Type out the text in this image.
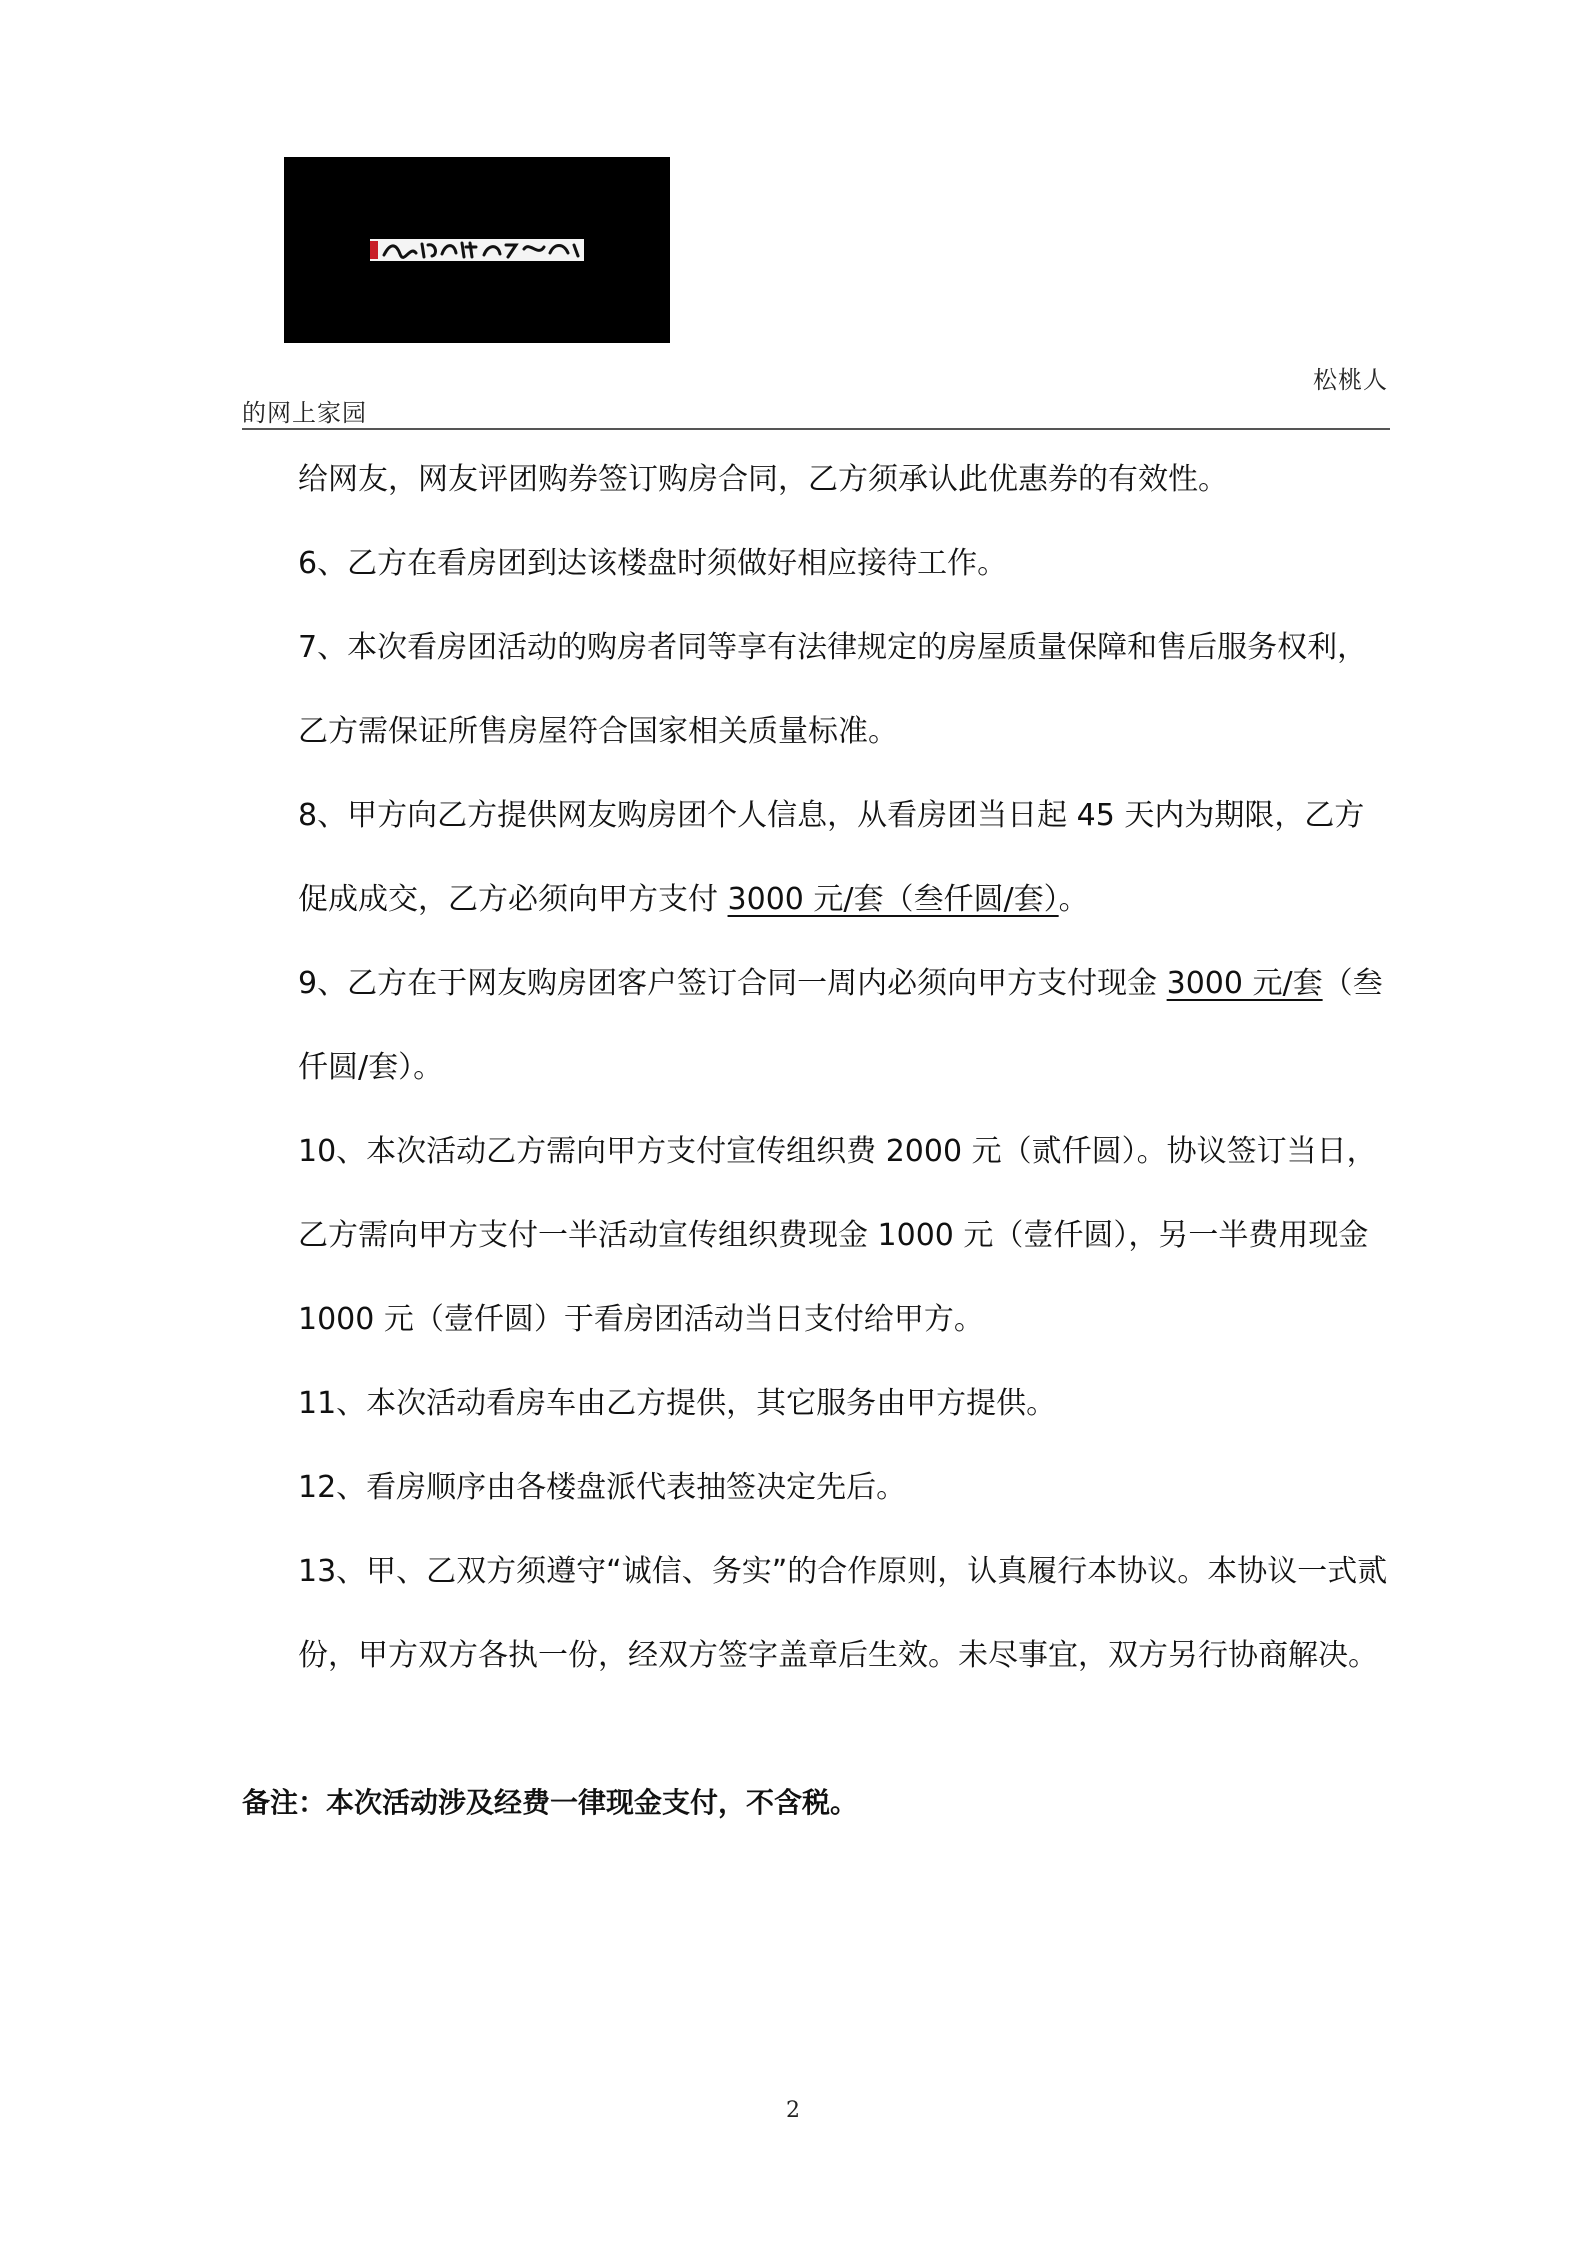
松桃人
的网上家园

给网友，网友评团购券签订购房合同，乙方须承认此优惠券的有效性。

6、乙方在看房团到达该楼盘时须做好相应接待工作。

7、本次看房团活动的购房者同等享有法律规定的房屋质量保障和售后服务权利，乙方需保证所售房屋符合国家相关质量标准。

8、甲方向乙方提供网友购房团个人信息，从看房团当日起 45 天内为期限，乙方促成成交，乙方必须向甲方支付 3000 元/套（叁仟圆/套）。

9、乙方在于网友购房团客户签订合同一周内必须向甲方支付现金 3000 元/套（叁仟圆/套）。

10、本次活动乙方需向甲方支付宣传组织费 2000 元（贰仟圆）。协议签订当日，乙方需向甲方支付一半活动宣传组织费现金 1000 元（壹仟圆），另一半费用现金 1000 元（壹仟圆）于看房团活动当日支付给甲方。

11、本次活动看房车由乙方提供，其它服务由甲方提供。

12、看房顺序由各楼盘派代表抽签决定先后。

13、甲、乙双方须遵守“诚信、务实”的合作原则，认真履行本协议。本协议一式贰份，甲方双方各执一份，经双方签字盖章后生效。未尽事宜，双方另行协商解决。

备注：本次活动涉及经费一律现金支付，不含税。
2
